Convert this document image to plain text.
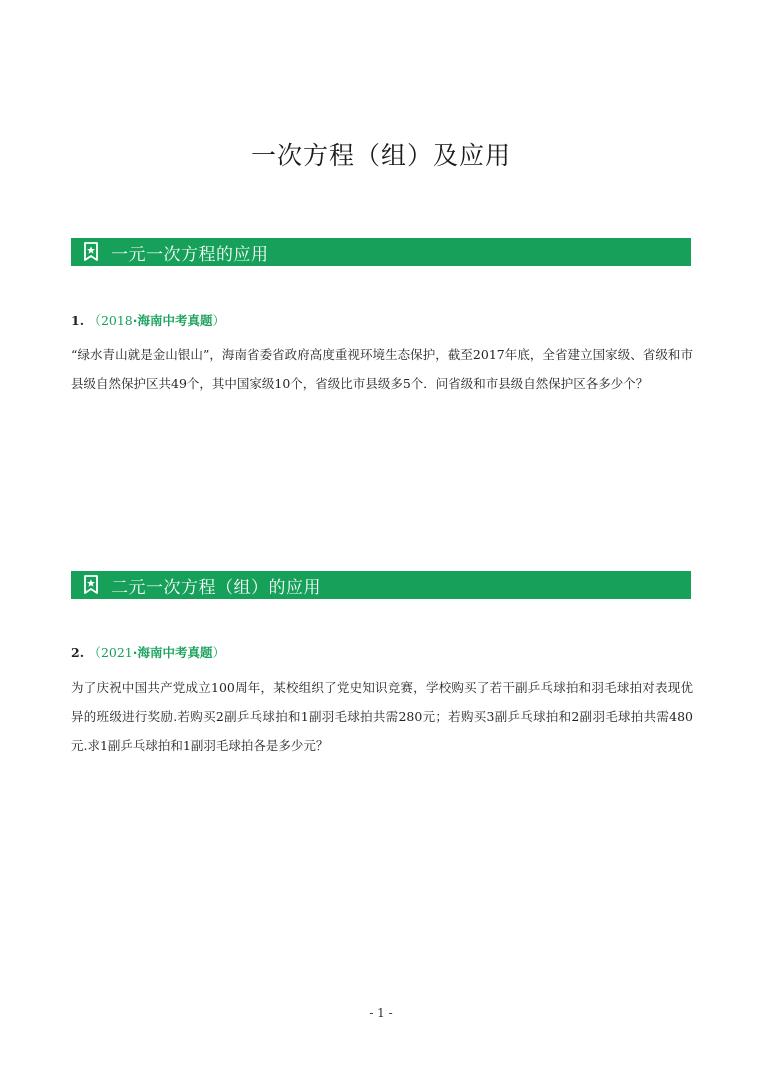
一次方程（组）及应用
一元一次方程的应用
1. （2018·海南中考真题）
“绿水青山就是金山银山”，海南省委省政府高度重视环境生态保护，截至2017年底，全省建立国家级、省级和市县级自然保护区共49个，其中国家级10个，省级比市县级多5个．问省级和市县级自然保护区各多少个？
二元一次方程（组）的应用
2. （2021·海南中考真题）
为了庆祝中国共产党成立100周年，某校组织了党史知识竞赛，学校购买了若干副乒乓球拍和羽毛球拍对表现优异的班级进行奖励.若购买2副乒乓球拍和1副羽毛球拍共需280元；若购买3副乒乓球拍和2副羽毛球拍共需480元.求1副乒乓球拍和1副羽毛球拍各是多少元？
- 1 -
